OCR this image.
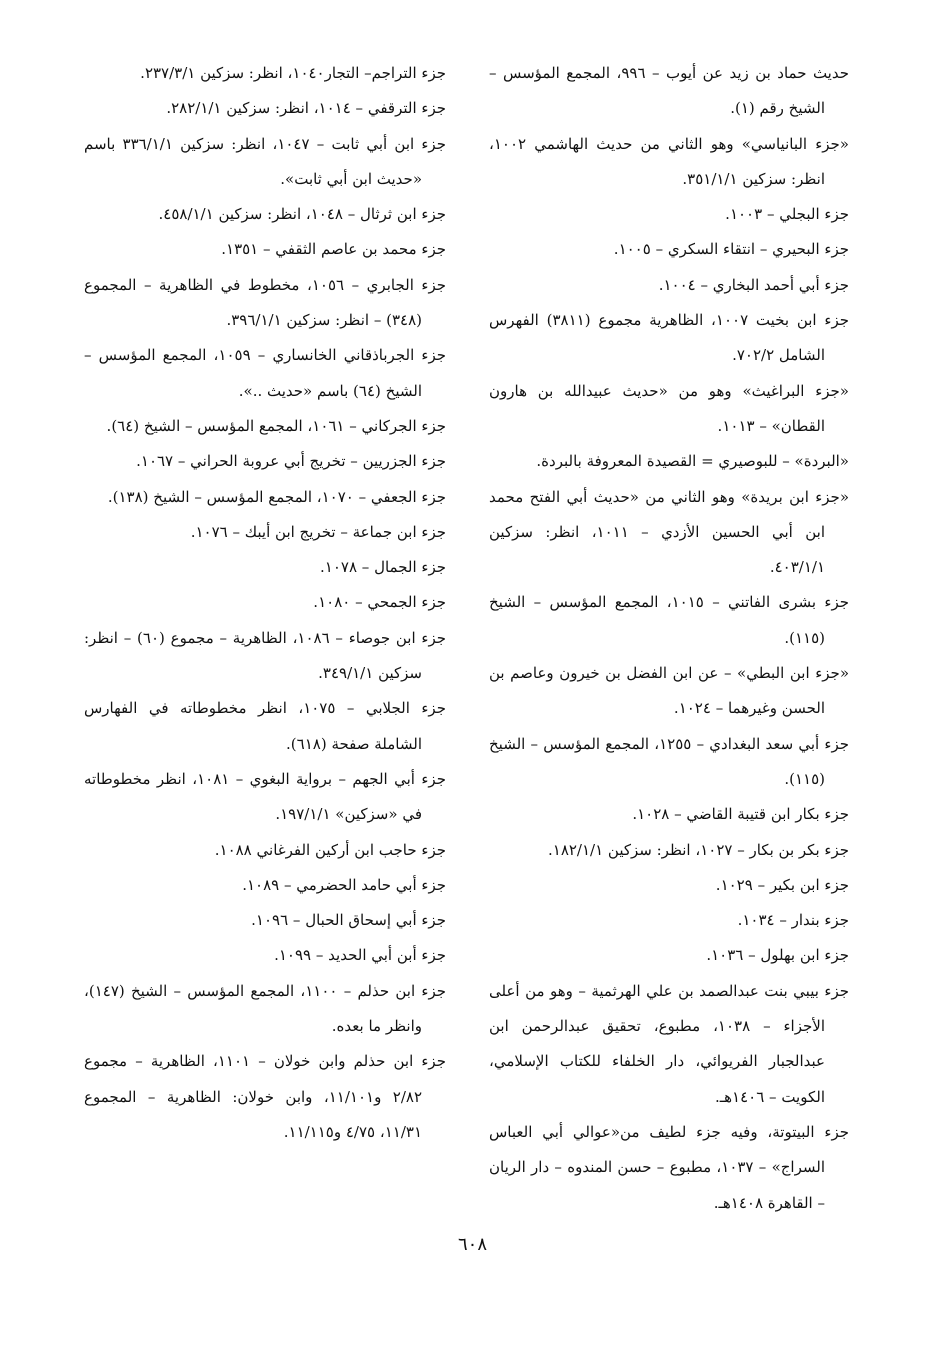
حديث حماد بن زيد عن أيوب – ٩٩٦، المجمع المؤسس – الشيخ رقم (١).

«جزء البانياسي» وهو الثاني من حديث الهاشمي ١٠٠٢، انظر: سزكين ٣٥١/١/١.

جزء البجلي – ١٠٠٣.

جزء البحيري – انتقاء السكري – ١٠٠٥.

جزء أبي أحمد البخاري – ١٠٠٤.

جزء ابن بخيت ١٠٠٧، الظاهرية مجموع (٣٨١١) الفهرس الشامل ٧٠٢/٢.

«جزء البراغيث» وهو من «حديث عبيدالله بن هارون القطان» – ١٠١٣.

«البردة» – للبوصيري = القصيدة المعروفة بالبردة.

«جزء ابن بريدة» وهو الثاني من «حديث أبي الفتح محمد ابن أبي الحسين الأزدي – ١٠١١، انظر: سزكين ٤٠٣/١/١.

جزء بشرى الفاتني – ١٠١٥، المجمع المؤسس – الشيخ (١١٥).

«جزء ابن البطي» – عن ابن الفضل بن خيرون وعاصم بن الحسن وغيرهما – ١٠٢٤.

جزء أبي سعد البغدادي – ١٢٥٥، المجمع المؤسس – الشيخ (١١٥).

جزء بكار ابن قتيبة القاضي – ١٠٢٨.

جزء بكر بن بكار – ١٠٢٧، انظر: سزكين ١٨٢/١/١.

جزء ابن بكير – ١٠٢٩.

جزء بندار – ١٠٣٤.

جزء ابن بهلول – ١٠٣٦.

جزء بيبي بنت عبدالصمد بن علي الهرثمية – وهو من أعلى الأجزاء – ١٠٣٨، مطبوع، تحقيق عبدالرحمن ابن عبدالجبار الفريوائي، دار الخلفاء للكتاب الإسلامي، الكويت – ١٤٠٦هـ.

جزء البيتوتة، وفيه جزء لطيف من«عوالي أبي العباس السراج» – ١٠٣٧، مطبوع – حسن المندوه – دار الريان – القاهرة ١٤٠٨هـ.

جزء التراجم– التجار١٠٤٠، انظر: سزكين ٢٣٧/٣/١.

جزء الترقفي – ١٠١٤، انظر: سزكين ٢٨٢/١/١.

جزء ابن أبي ثابت – ١٠٤٧، انظر: سزكين ٣٣٦/١/١ باسم «حديث ابن أبي ثابت».

جزء ابن ثرثال – ١٠٤٨، انظر: سزكين ٤٥٨/١/١.

جزء محمد بن عاصم الثقفي – ١٣٥١.

جزء الجابري – ١٠٥٦، مخطوط في الظاهرية – المجموع (٣٤٨) – انظر: سزكين ٣٩٦/١/١.

جزء الجرباذقاني الخانساري – ١٠٥٩، المجمع المؤسس – الشيخ (٦٤) باسم «حديث ..».

جزء الجركاني – ١٠٦١، المجمع المؤسس – الشيخ (٦٤).

جزء الجزريين – تخريج أبي عروبة الحراني – ١٠٦٧.

جزء الجعفي – ١٠٧٠، المجمع المؤسس – الشيخ (١٣٨).

جزء ابن جماعة – تخريج ابن أيبك – ١٠٧٦.

جزء الجمال – ١٠٧٨.

جزء الجمحي – ١٠٨٠.

جزء ابن جوصاء – ١٠٨٦، الظاهرية – مجموع (٦٠) – انظر: سزكين ٣٤٩/١/١.

جزء الجلابي – ١٠٧٥، انظر مخطوطاته في الفهارس الشاملة صفحة (٦١٨).

جزء أبي الجهم – برواية البغوي – ١٠٨١، انظر مخطوطاته في «سزكين» ١٩٧/١/١.

جزء حاجب ابن أركين الفرغاني ١٠٨٨.

جزء أبي حامد الحضرمي – ١٠٨٩.

جزء أبي إسحاق الحبال – ١٠٩٦.

جزء أبن أبي الحديد – ١٠٩٩.

جزء ابن حذلم – ١١٠٠، المجمع المؤسس – الشيخ (١٤٧)، وانظر ما بعده.

جزء ابن حذلم وابن خولان – ١١٠١، الظاهرية – مجموع ٢/٨٢ و١١/١٠١، وابن خولان: الظاهرية – المجموع ١١/٣١، ٤/٧٥ و١١/١١٥.

٦٠٨
